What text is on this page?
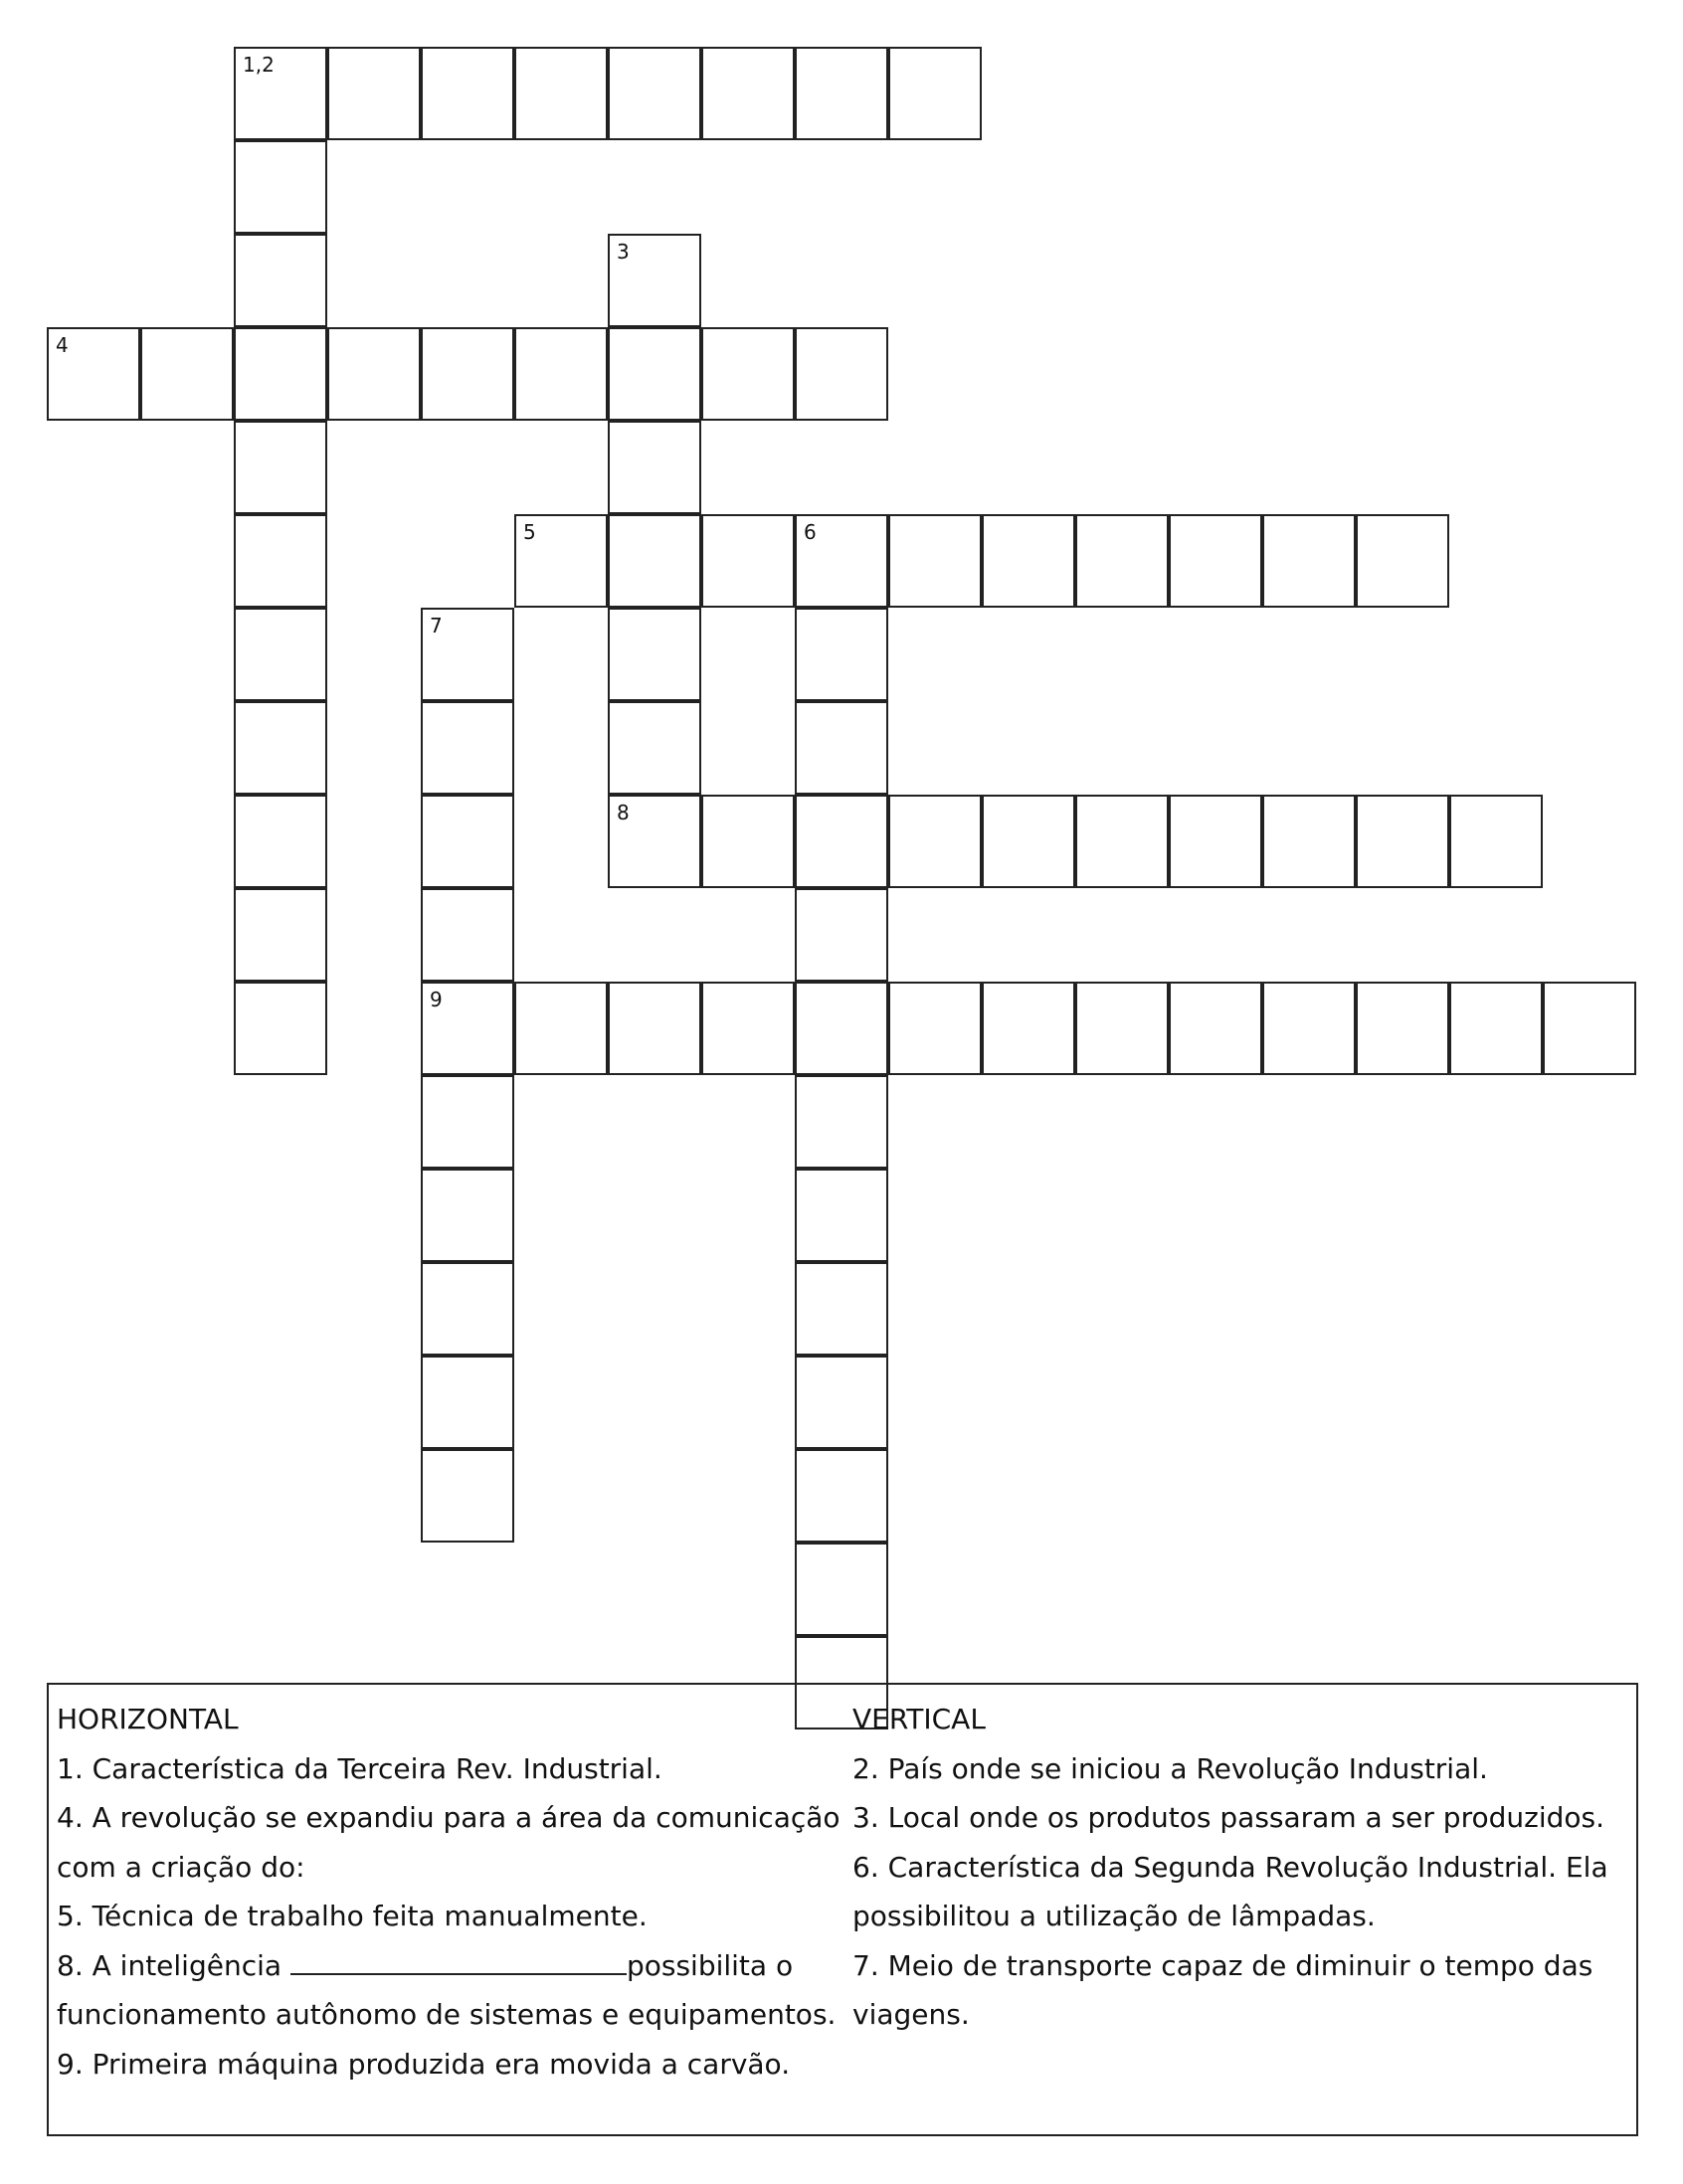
1,2
3
8
4
5	6
7
9
HORIZONTAL
1. Característica da Terceira Rev. Industrial.
4. A revolução se expandiu para a área da comunicação
com a criação do:
5. Técnica de trabalho feita manualmente.
8. A inteligência	possibilita o
funcionamento autônomo de sistemas e equipamentos.
9. Primeira máquina produzida era movida a carvão.
VERTICAL
2. País onde se iniciou a Revolução Industrial.
3. Local onde os produtos passaram a ser produzidos.
6. Característica da Segunda Revolução Industrial. Ela
possibilitou a utilização de lâmpadas.
7. Meio de transporte capaz de diminuir o tempo das
viagens.
